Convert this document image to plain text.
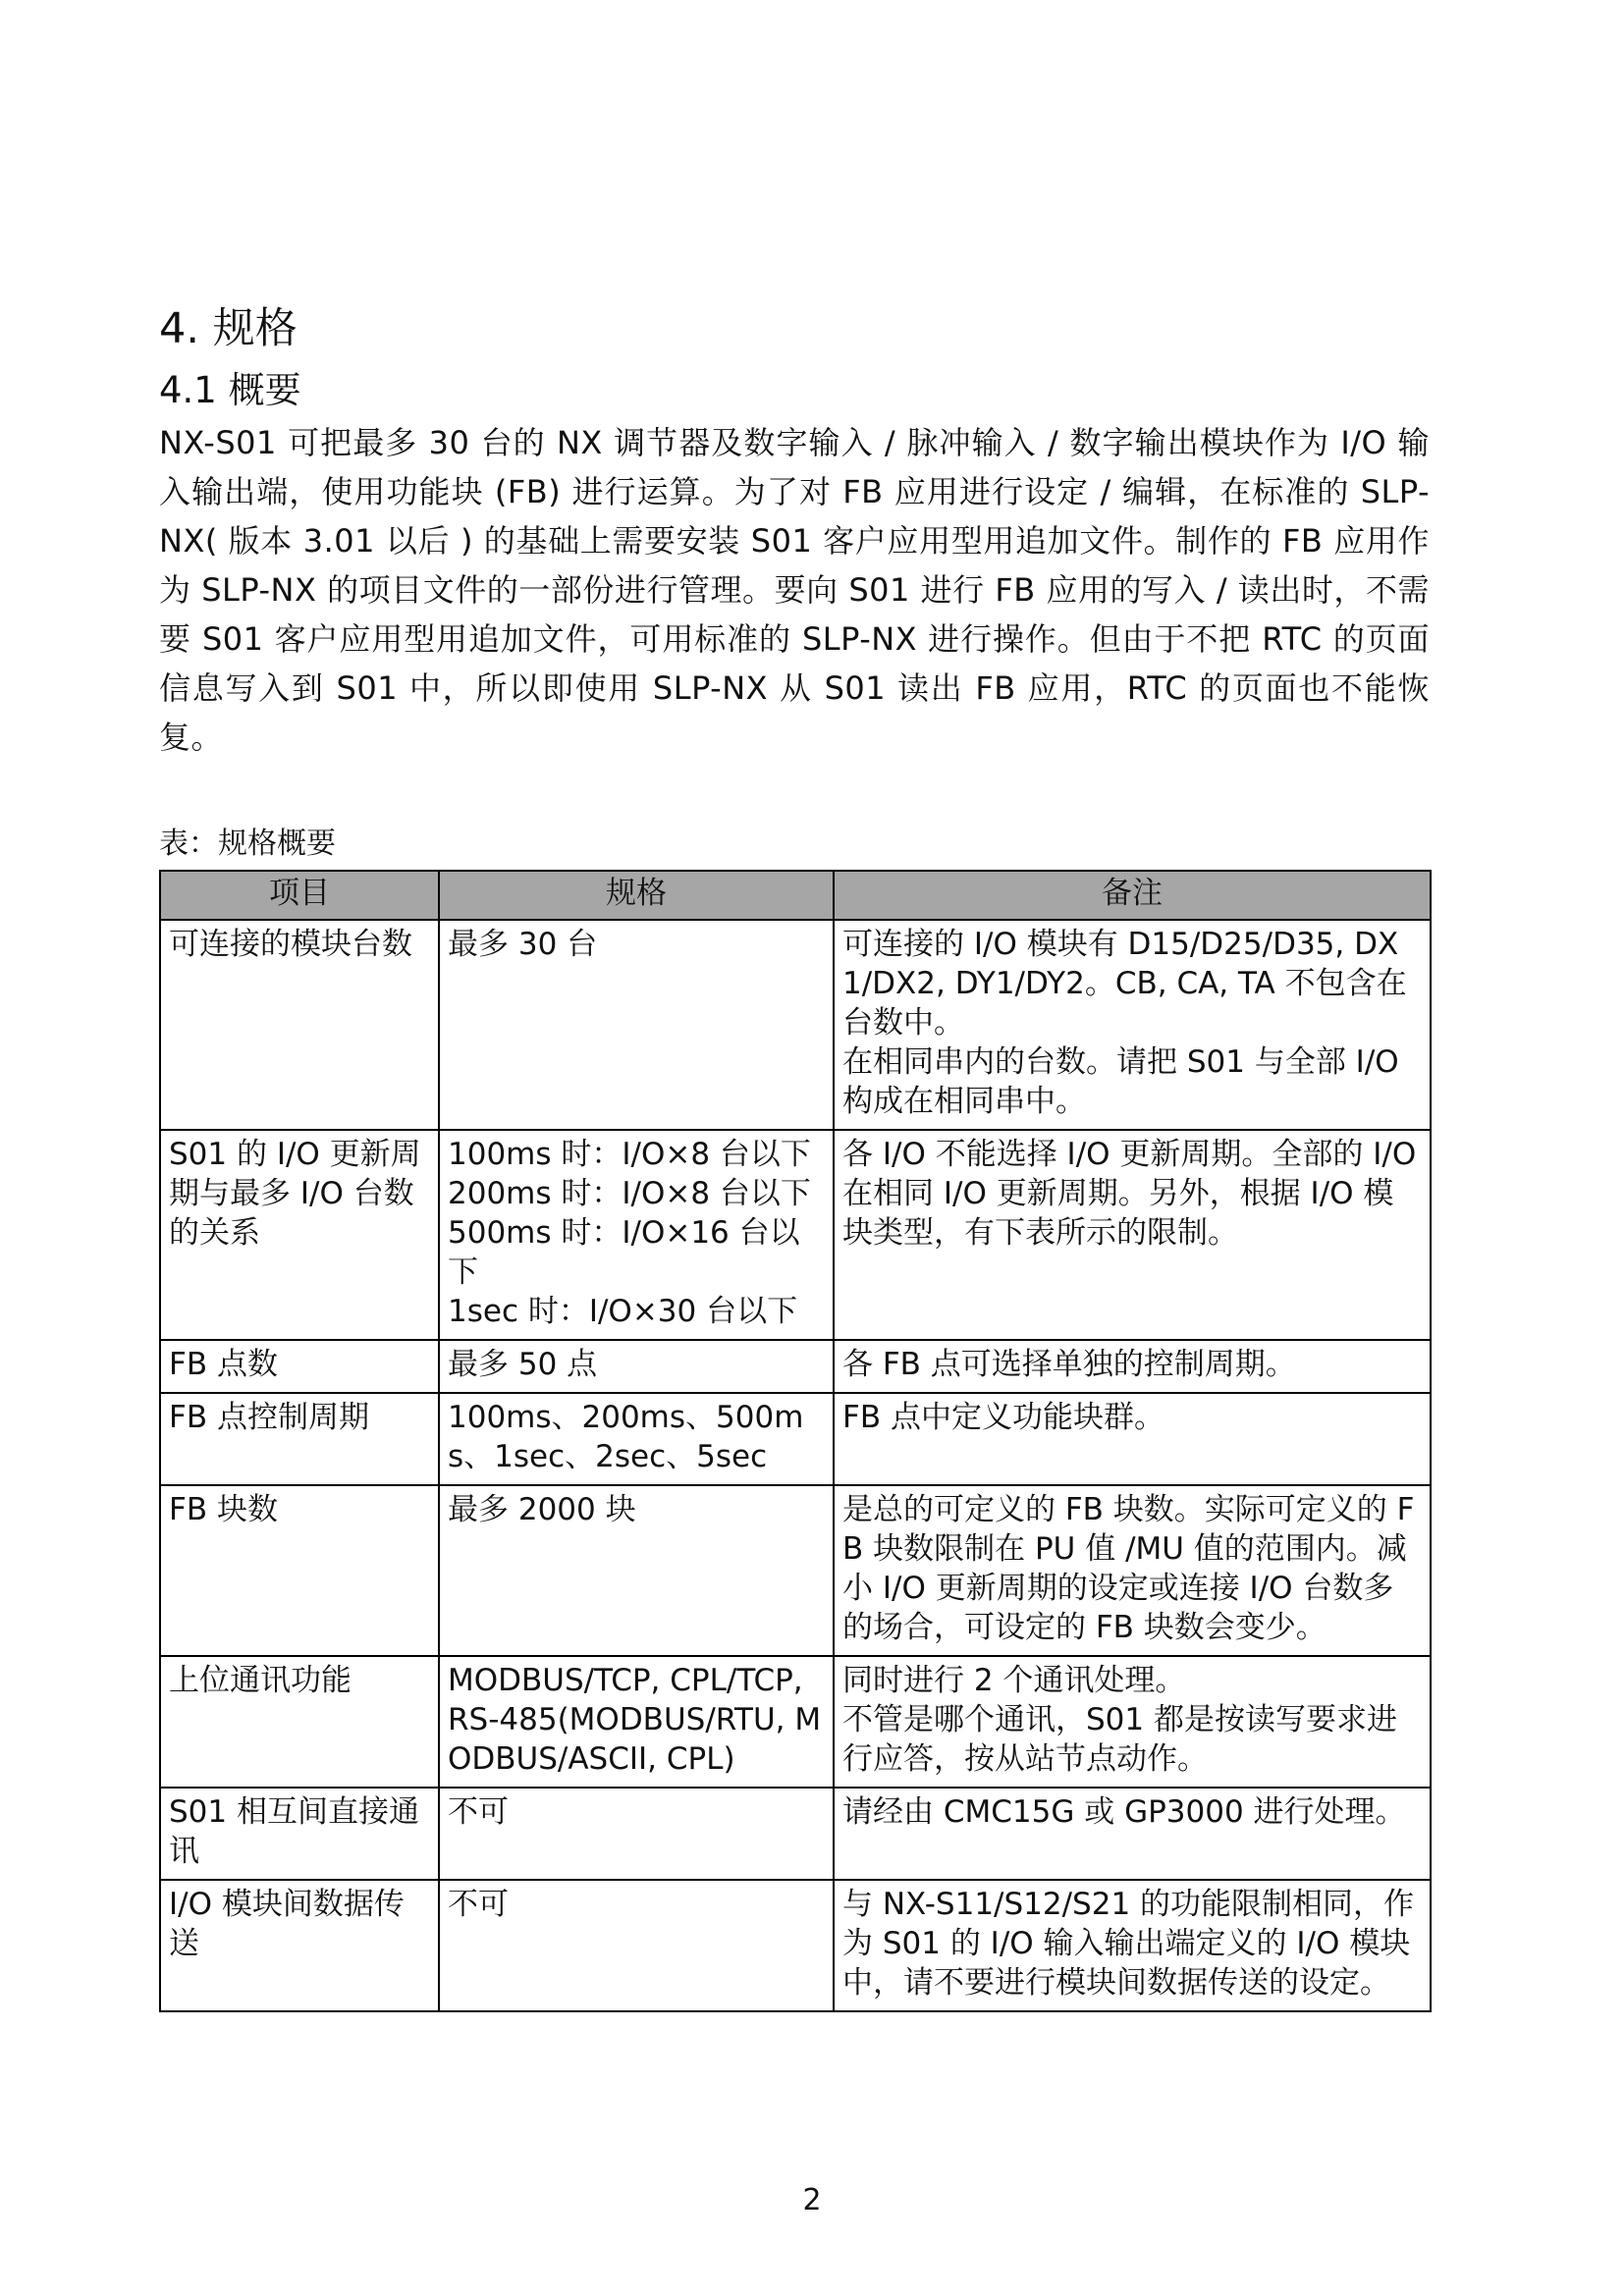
4. 规格
4.1 概要

NX-S01 可把最多 30 台的 NX 调节器及数字输入 / 脉冲输入 / 数字输出模块作为 I/O 输入输出端，使用功能块 (FB) 进行运算。为了对 FB 应用进行设定 / 编辑，在标准的 SLP-NX( 版本 3.01 以后 ) 的基础上需要安装 S01 客户应用型用追加文件。制作的 FB 应用作为 SLP-NX 的项目文件的一部份进行管理。要向 S01 进行 FB 应用的写入 / 读出时，不需要 S01 客户应用型用追加文件，可用标准的 SLP-NX 进行操作。但由于不把 RTC 的页面信息写入到 S01 中，所以即使用 SLP-NX 从 S01 读出 FB 应用，RTC 的页面也不能恢复。

表：规格概要
项目	规格	备注
可连接的模块台数	最多 30 台	可连接的 I/O 模块有 D15/D25/D35, DX1/DX2, DY1/DY2。CB, CA, TA 不包含在台数中。
在相同串内的台数。请把 S01 与全部 I/O 构成在相同串中。

S01 的 I/O 更新周期与最多 I/O 台数的关系	100ms 时：I/O×8 台以下
200ms 时：I/O×8 台以下
500ms 时：I/O×16 台以下
1sec 时：I/O×30 台以下	各 I/O 不能选择 I/O 更新周期。全部的 I/O 在相同 I/O 更新周期。另外，根据 I/O 模块类型，有下表所示的限制。

FB 点数	最多 50 点	各 FB 点可选择单独的控制周期。

FB 点控制周期	100ms、200ms、500ms、1sec、2sec、5sec	FB 点中定义功能块群。

FB 块数	最多 2000 块	是总的可定义的 FB 块数。实际可定义的 FB 块数限制在 PU 值 /MU 值的范围内。减小 I/O 更新周期的设定或连接 I/O 台数多的场合，可设定的 FB 块数会变少。

上位通讯功能	MODBUS/TCP, CPL/TCP, RS-485(MODBUS/RTU, MODBUS/ASCII, CPL)	同时进行 2 个通讯处理。
不管是哪个通讯，S01 都是按读写要求进行应答，按从站节点动作。

S01 相互间直接通讯	不可	请经由 CMC15G 或 GP3000 进行处理。

I/O 模块间数据传送	不可	与 NX-S11/S12/S21 的功能限制相同，作为 S01 的 I/O 输入输出端定义的 I/O 模块中，请不要进行模块间数据传送的设定。
2
